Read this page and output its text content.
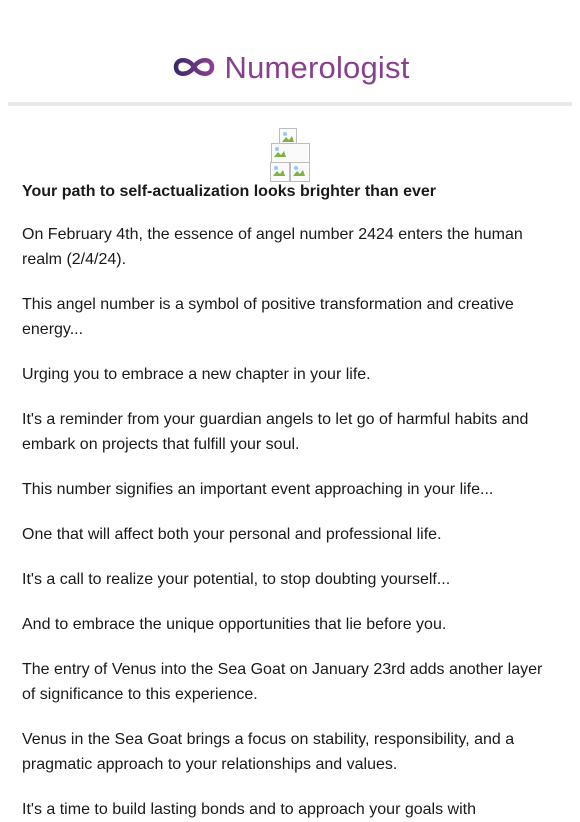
Numerologist

Your path to self-actualization looks brighter than ever

On February 4th, the essence of angel number 2424 enters the human realm (2/4/24).

This angel number is a symbol of positive transformation and creative energy...

Urging you to embrace a new chapter in your life.

It's a reminder from your guardian angels to let go of harmful habits and embark on projects that fulfill your soul.

This number signifies an important event approaching in your life...

One that will affect both your personal and professional life.

It's a call to realize your potential, to stop doubting yourself...

And to embrace the unique opportunities that lie before you.

The entry of Venus into the Sea Goat on January 23rd adds another layer of significance to this experience.

Venus in the Sea Goat brings a focus on stability, responsibility, and a pragmatic approach to your relationships and values.

It's a time to build lasting bonds and to approach your goals with
